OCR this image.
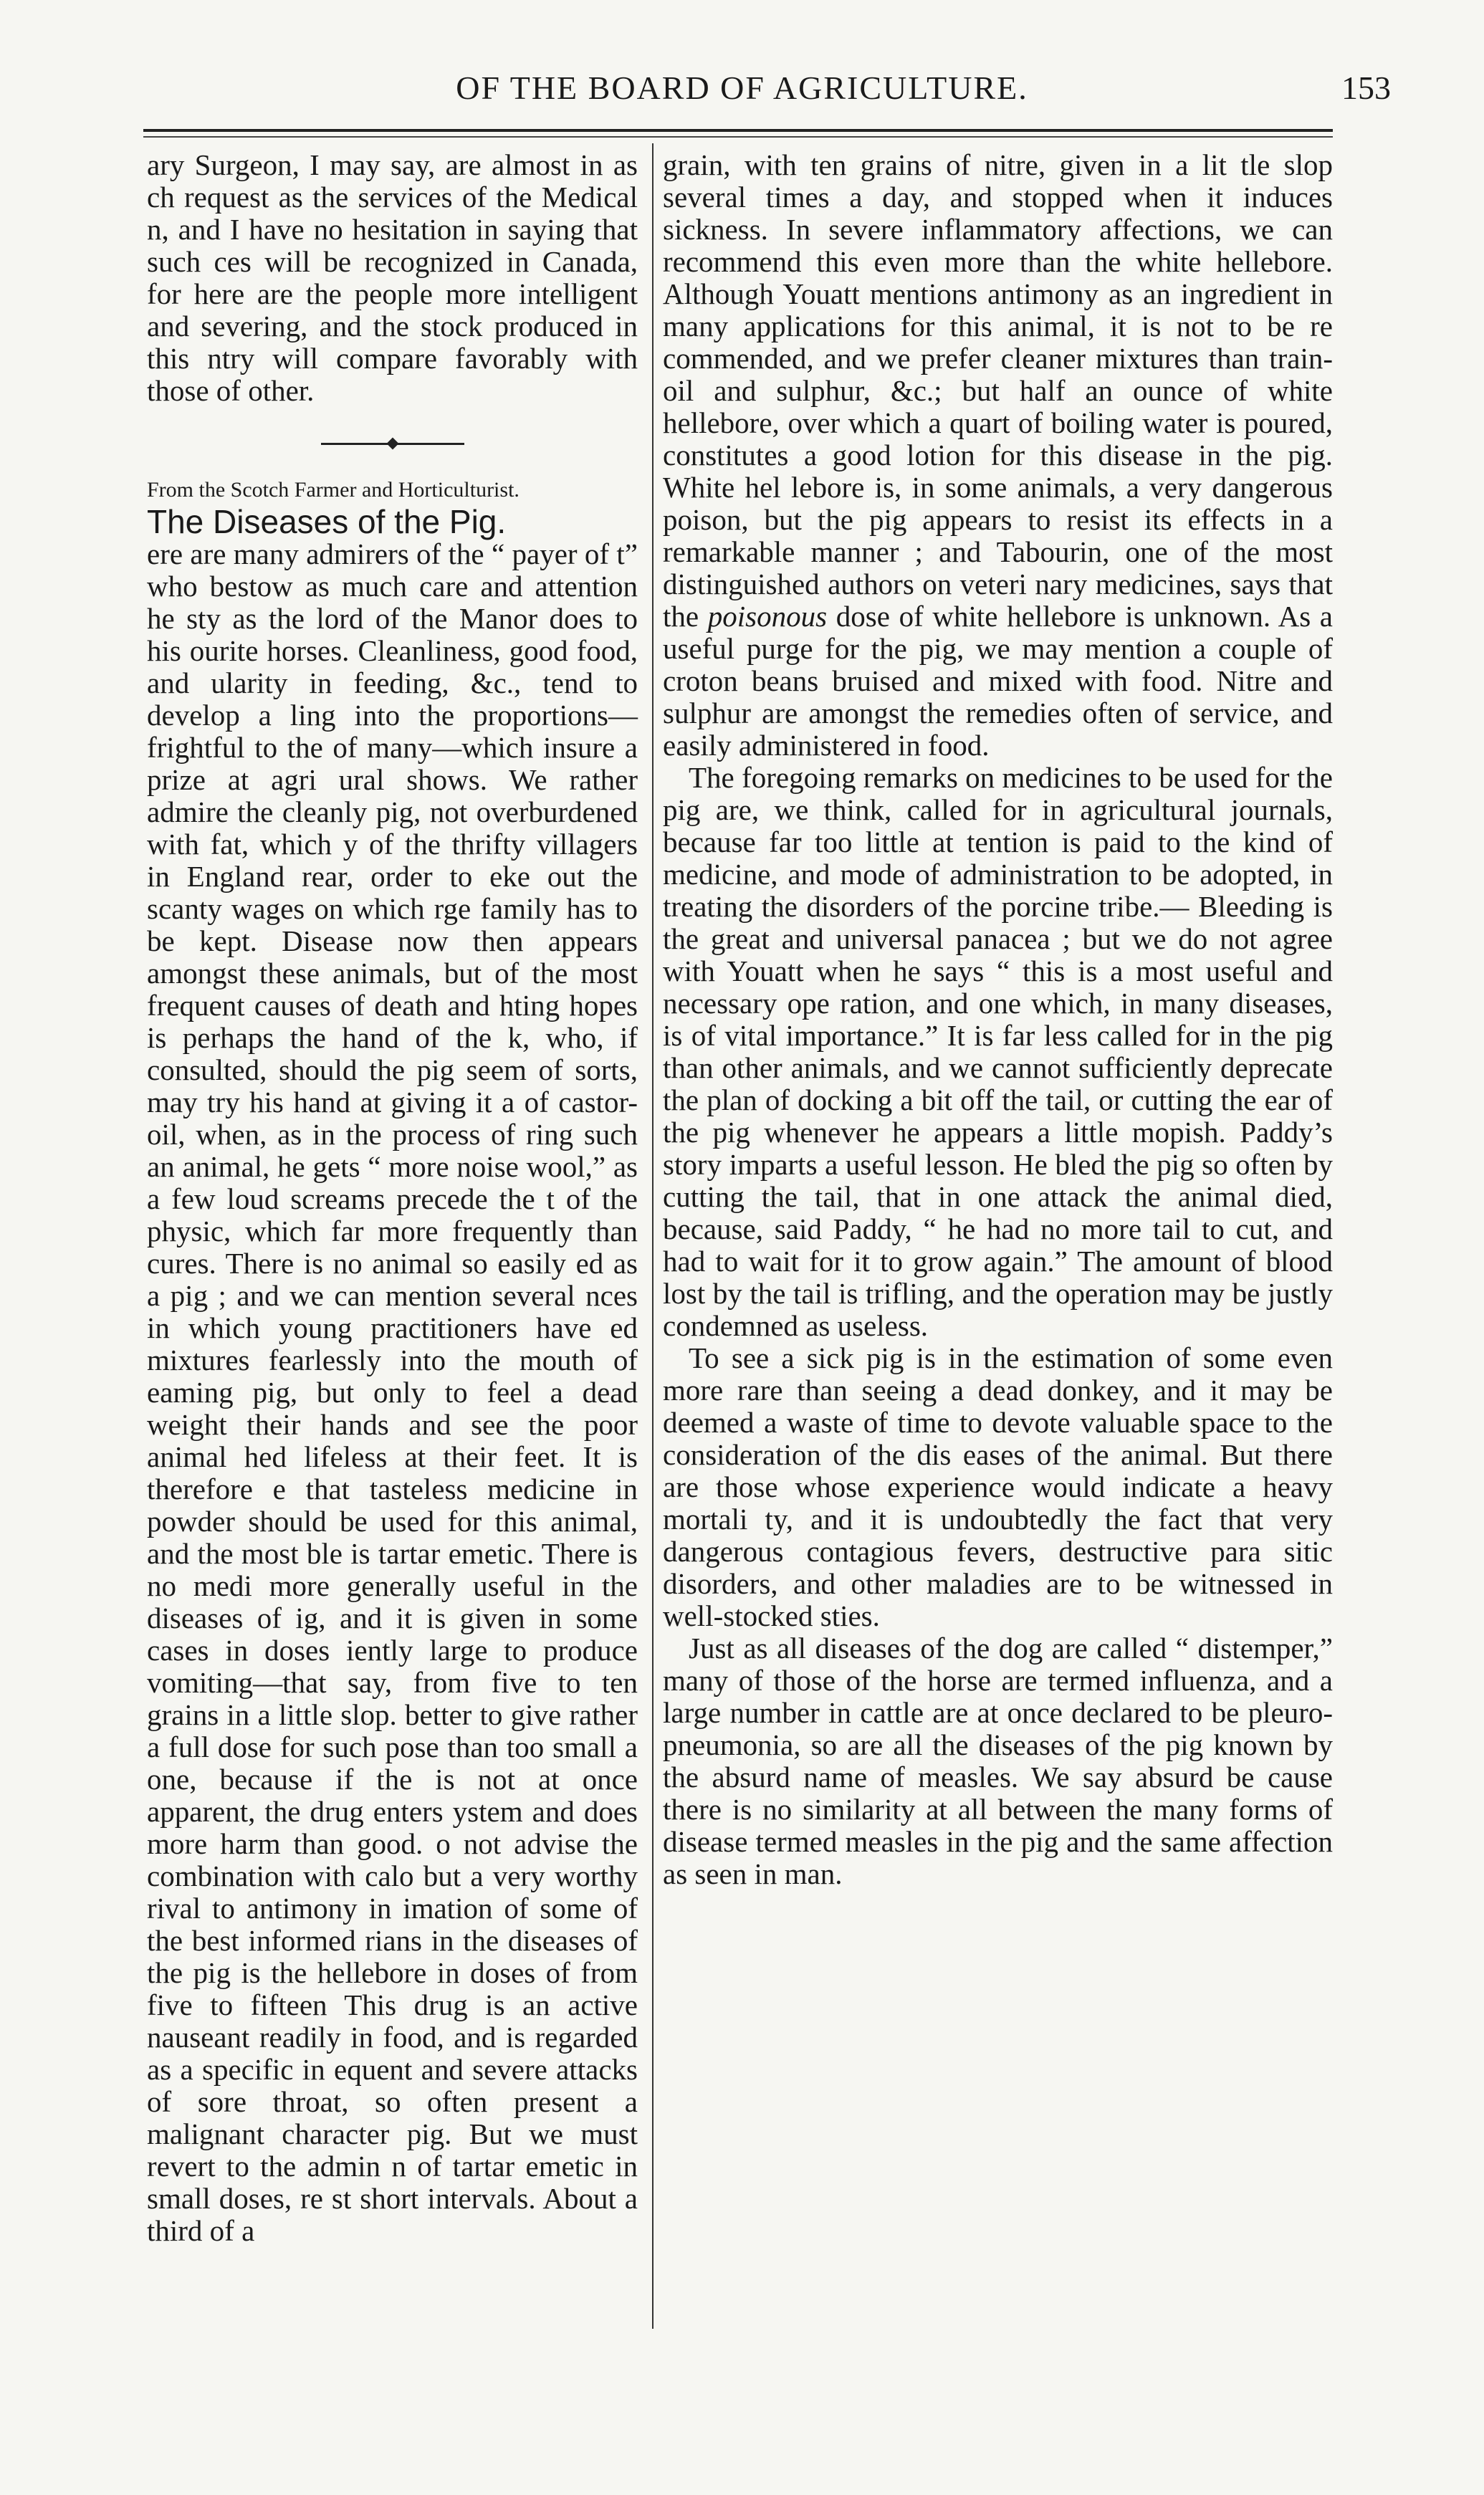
OF THE BOARD OF AGRICULTURE.	153

ary Surgeon, I may say, are almost in as ch request as the services of the Medical n, and I have no hesitation in saying that such ces will be recognized in Canada, for here are the people more intelligent and severing, and the stock produced in this ntry will compare favorably with those of other.

From the Scotch Farmer and Horticulturist.

The Diseases of the Pig.

ere are many admirers of the “ payer of t” who bestow as much care and attention he sty as the lord of the Manor does to his ourite horses. Cleanliness, good food, and ularity in feeding, &c., tend to develop a ling into the proportions—frightful to the of many—which insure a prize at agri ural shows. We rather admire the cleanly pig, not overburdened with fat, which y of the thrifty villagers in England rear, order to eke out the scanty wages on which rge family has to be kept. Disease now then appears amongst these animals, but of the most frequent causes of death and hting hopes is perhaps the hand of the k, who, if consulted, should the pig seem of sorts, may try his hand at giving it a of castor-oil, when, as in the process of ring such an animal, he gets “ more noise wool,” as a few loud screams precede the t of the physic, which far more frequently than cures. There is no animal so easily ed as a pig ; and we can mention several nces in which young practitioners have ed mixtures fearlessly into the mouth of eaming pig, but only to feel a dead weight their hands and see the poor animal hed lifeless at their feet. It is therefore e that tasteless medicine in powder should be used for this animal, and the most ble is tartar emetic. There is no medi more generally useful in the diseases of ig, and it is given in some cases in doses iently large to produce vomiting—that say, from five to ten grains in a little slop. better to give rather a full dose for such pose than too small a one, because if the is not at once apparent, the drug enters ystem and does more harm than good. o not advise the combination with calo but a very worthy rival to antimony in imation of some of the best informed rians in the diseases of the pig is the hellebore in doses of from five to fifteen This drug is an active nauseant readily in food, and is regarded as a specific in equent and severe attacks of sore throat, so often present a malignant character pig. But we must revert to the admin n of tartar emetic in small doses, re st short intervals. About a third of a

grain, with ten grains of nitre, given in a lit tle slop several times a day, and stopped when it induces sickness. In severe inflammatory affections, we can recommend this even more than the white hellebore. Although Youatt mentions antimony as an ingredient in many applications for this animal, it is not to be re commended, and we prefer cleaner mixtures than train-oil and sulphur, &c.; but half an ounce of white hellebore, over which a quart of boiling water is poured, constitutes a good lotion for this disease in the pig. White hel lebore is, in some animals, a very dangerous poison, but the pig appears to resist its effects in a remarkable manner ; and Tabourin, one of the most distinguished authors on veteri nary medicines, says that the poisonous dose of white hellebore is unknown. As a useful purge for the pig, we may mention a couple of croton beans bruised and mixed with food. Nitre and sulphur are amongst the remedies often of service, and easily administered in food.

The foregoing remarks on medicines to be used for the pig are, we think, called for in agricultural journals, because far too little at tention is paid to the kind of medicine, and mode of administration to be adopted, in treating the disorders of the porcine tribe.— Bleeding is the great and universal panacea ; but we do not agree with Youatt when he says “ this is a most useful and necessary ope ration, and one which, in many diseases, is of vital importance.” It is far less called for in the pig than other animals, and we cannot sufficiently deprecate the plan of docking a bit off the tail, or cutting the ear of the pig whenever he appears a little mopish. Paddy’s story imparts a useful lesson. He bled the pig so often by cutting the tail, that in one attack the animal died, because, said Paddy, “ he had no more tail to cut, and had to wait for it to grow again.” The amount of blood lost by the tail is trifling, and the operation may be justly condemned as useless.

To see a sick pig is in the estimation of some even more rare than seeing a dead donkey, and it may be deemed a waste of time to devote valuable space to the consideration of the dis eases of the animal. But there are those whose experience would indicate a heavy mortali ty, and it is undoubtedly the fact that very dangerous contagious fevers, destructive para sitic disorders, and other maladies are to be witnessed in well-stocked sties.

Just as all diseases of the dog are called “ distemper,” many of those of the horse are termed influenza, and a large number in cattle are at once declared to be pleuro-pneumonia, so are all the diseases of the pig known by the absurd name of measles. We say absurd be cause there is no similarity at all between the many forms of disease termed measles in the pig and the same affection as seen in man.
